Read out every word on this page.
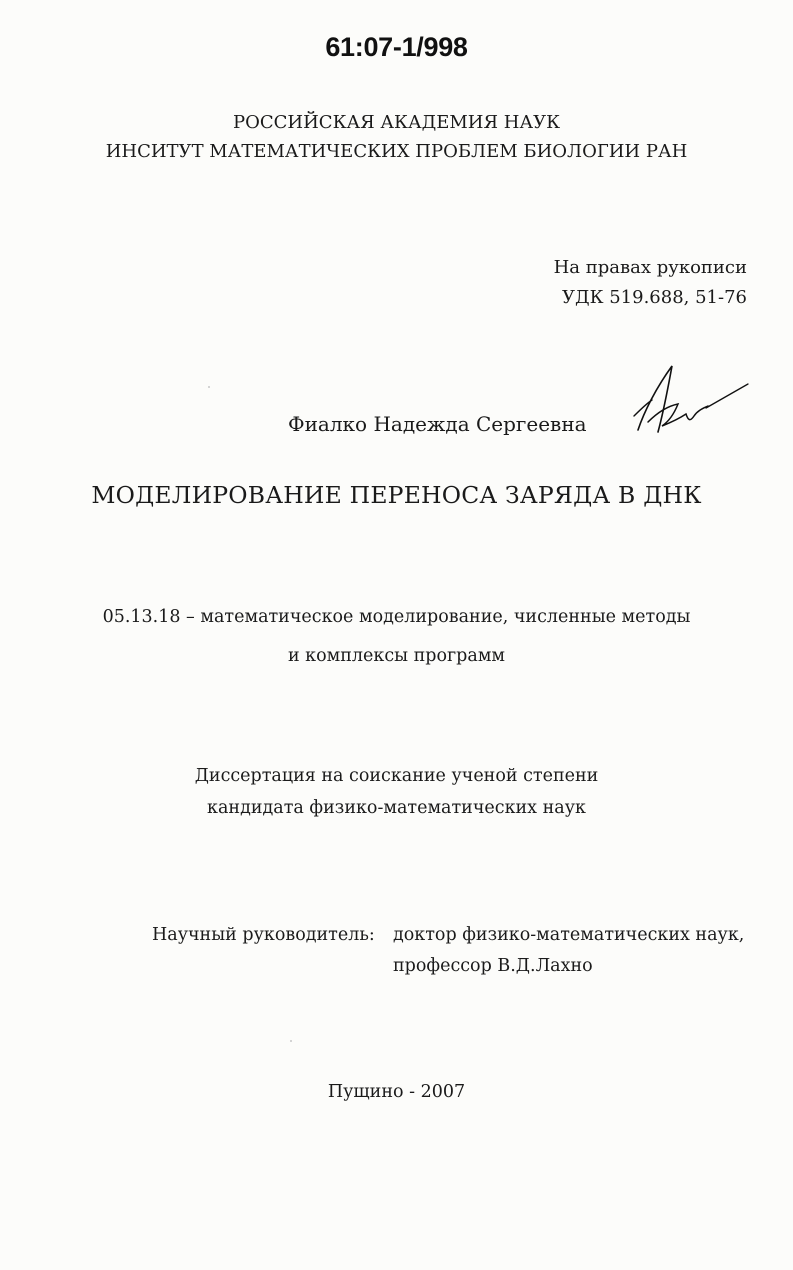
61:07-1/998
РОССИЙСКАЯ АКАДЕМИЯ НАУК
ИНСИТУТ МАТЕМАТИЧЕСКИХ ПРОБЛЕМ БИОЛОГИИ РАН
На правах рукописи
УДК 519.688, 51-76
Фиалко Надежда Сергеевна
МОДЕЛИРОВАНИЕ ПЕРЕНОСА ЗАРЯДА В ДНК
05.13.18 – математическое моделирование, численные методы
и комплексы программ
Диссертация на соискание ученой степени
кандидата физико-математических наук
Научный руководитель: доктор физико-математических наук,
профессор В.Д.Лахно
Пущино - 2007
